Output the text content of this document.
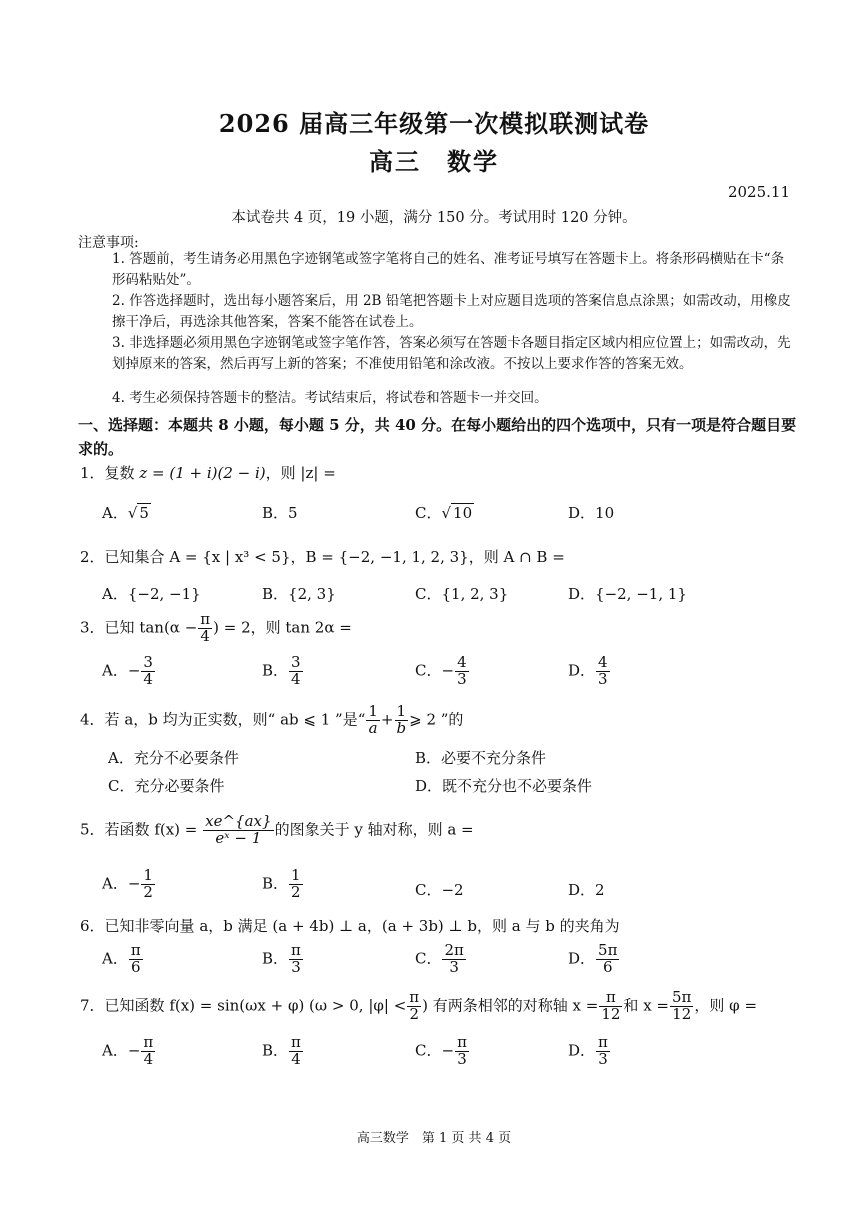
2026 届高三年级第一次模拟联测试卷
高三　数学
2025.11
本试卷共 4 页，19 小题，满分 150 分。考试用时 120 分钟。
注意事项:
1. 答题前，考生请务必用黑色字迹钢笔或签字笔将自己的姓名、准考证号填写在答题卡上。将条形码横贴在卡“条形码粘贴处”。
2. 作答选择题时，选出每小题答案后，用 2B 铅笔把答题卡上对应题目选项的答案信息点涂黑；如需改动，用橡皮擦干净后，再选涂其他答案，答案不能答在试卷上。
3. 非选择题必须用黑色字迹钢笔或签字笔作答，答案必须写在答题卡各题目指定区域内相应位置上；如需改动，先划掉原来的答案，然后再写上新的答案；不准使用铅笔和涂改液。不按以上要求作答的答案无效。
4. 考生必须保持答题卡的整洁。考试结束后，将试卷和答题卡一并交回。
一、选择题：本题共 8 小题，每小题 5 分，共 40 分。在每小题给出的四个选项中，只有一项是符合题目要求的。
1．复数 z = (1 + i)(2 − i)，则 |z| =
A．√ 5	B．5	C．√ 10	D．10
2．已知集合 A = {x | x³ < 5}，B = {−2, −1, 1, 2, 3}，则 A ∩ B =
A．{−2, −1}	B．{2, 3}	C．{1, 2, 3}	D．{−2, −1, 1}
3．已知 $\tan(\alpha - \frac{\pi}{4}$ ) = 2，则 tan 2α =
A．− $\frac{3}{4}$	B． $\frac{3}{4}$	C．− $\frac{4}{3}$	D． $\frac{4}{3}$
4．若 a，b 均为正实数，则“ ab ⩽ 1 ”是“ $\frac{1}{a} + \frac{1}{b}$ ⩾ 2 ”的
A．充分不必要条件	B．必要不充分条件
C．充分必要条件	D．既不充分也不必要条件
5．若函数 $f(x) = \frac{xe\^{}\{ax\}}{\text{eˣ − 1}}$ 的图象关于 y 轴对称，则 a =
A．− $\frac{1}{2}$	B． $\frac{1}{2}$	C．−2	D．2
6．已知非零向量 a，b 满足 (a + 4b) ⊥ a，(a + 3b) ⊥ b，则 a 与 b 的夹角为
A． $\frac{\pi}{6}$	B． $\frac{\pi}{3}$	C． $\frac{2\pi}{3}$	D． $\frac{5\pi}{6}$
7．已知函数 f(x) = sin(ωx + φ) (ω > 0, $|\varphi| < \frac{\pi}{2}$ ) 有两条相邻的对称轴 $x = \frac{\pi}{12}$ 和 $x = \frac{5\pi}{12}$ ，则 φ =
A．− $\frac{\pi}{4}$	B． $\frac{\pi}{4}$	C．− $\frac{\pi}{3}$	D． $\frac{\pi}{3}$
高三数学　第 1 页 共 4 页
